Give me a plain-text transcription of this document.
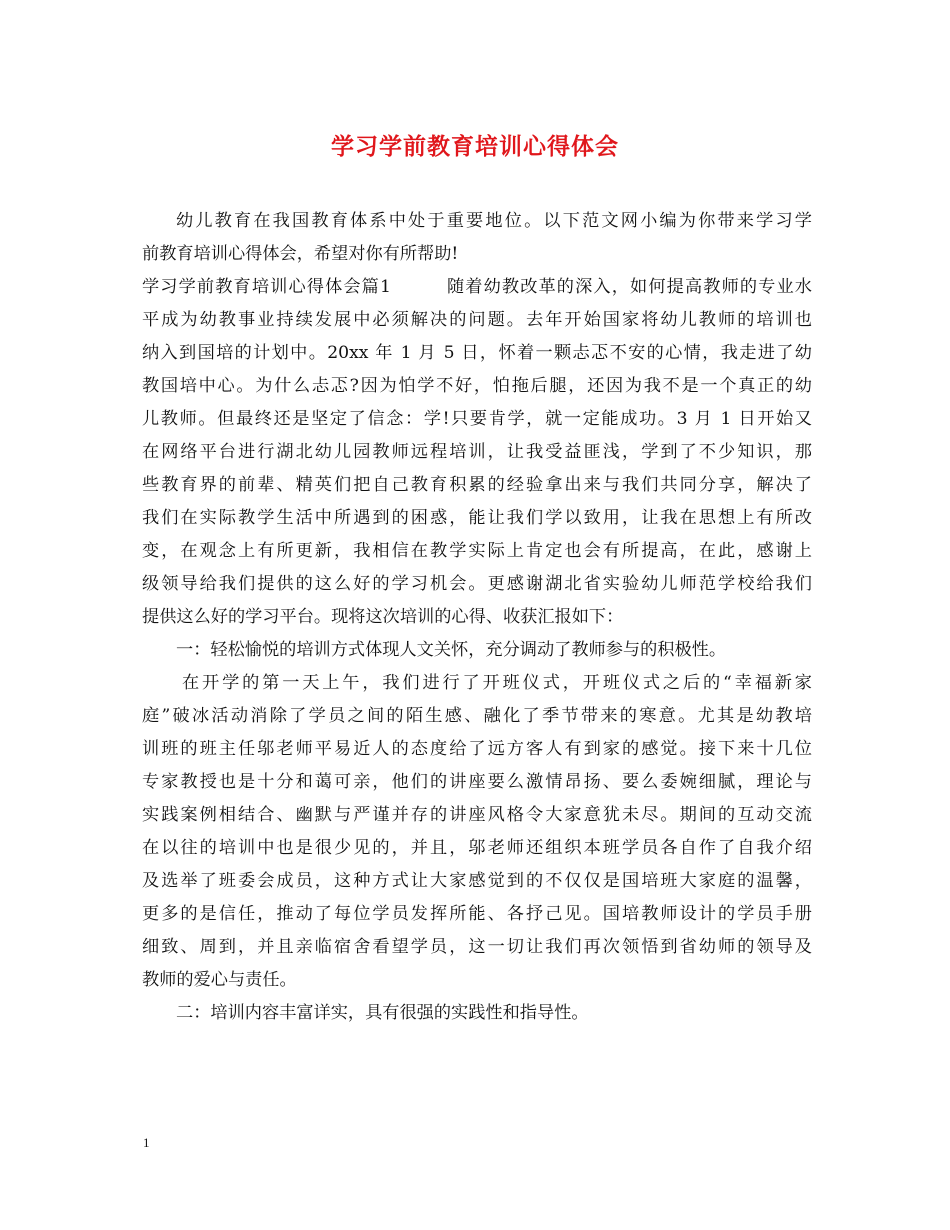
学习学前教育培训心得体会
幼儿教育在我国教育体系中处于重要地位。以下范文网小编为你带来学习学
前教育培训心得体会，希望对你有所帮助!
学习学前教育培训心得体会篇1　　　随着幼教改革的深入，如何提高教师的专业水
平成为幼教事业持续发展中必须解决的问题。去年开始国家将幼儿教师的培训也
纳入到国培的计划中。20xx 年 1 月 5 日，怀着一颗忐忑不安的心情，我走进了幼
教国培中心。为什么忐忑?因为怕学不好，怕拖后腿，还因为我不是一个真正的幼
儿教师。但最终还是坚定了信念：学!只要肯学，就一定能成功。3 月 1 日开始又
在网络平台进行湖北幼儿园教师远程培训，让我受益匪浅，学到了不少知识，那
些教育界的前辈、精英们把自己教育积累的经验拿出来与我们共同分享，解决了
我们在实际教学生活中所遇到的困惑，能让我们学以致用，让我在思想上有所改
变，在观念上有所更新，我相信在教学实际上肯定也会有所提高，在此，感谢上
级领导给我们提供的这么好的学习机会。更感谢湖北省实验幼儿师范学校给我们
提供这么好的学习平台。现将这次培训的心得、收获汇报如下：
一：轻松愉悦的培训方式体现人文关怀，充分调动了教师参与的积极性。
在开学的第一天上午，我们进行了开班仪式，开班仪式之后的“幸福新家
庭”破冰活动消除了学员之间的陌生感、融化了季节带来的寒意。尤其是幼教培
训班的班主任邬老师平易近人的态度给了远方客人有到家的感觉。接下来十几位
专家教授也是十分和蔼可亲，他们的讲座要么激情昂扬、要么委婉细腻，理论与
实践案例相结合、幽默与严谨并存的讲座风格令大家意犹未尽。期间的互动交流
在以往的培训中也是很少见的，并且，邬老师还组织本班学员各自作了自我介绍
及选举了班委会成员，这种方式让大家感觉到的不仅仅是国培班大家庭的温馨，
更多的是信任，推动了每位学员发挥所能、各抒己见。国培教师设计的学员手册
细致、周到，并且亲临宿舍看望学员，这一切让我们再次领悟到省幼师的领导及
教师的爱心与责任。
二：培训内容丰富详实，具有很强的实践性和指导性。
1
